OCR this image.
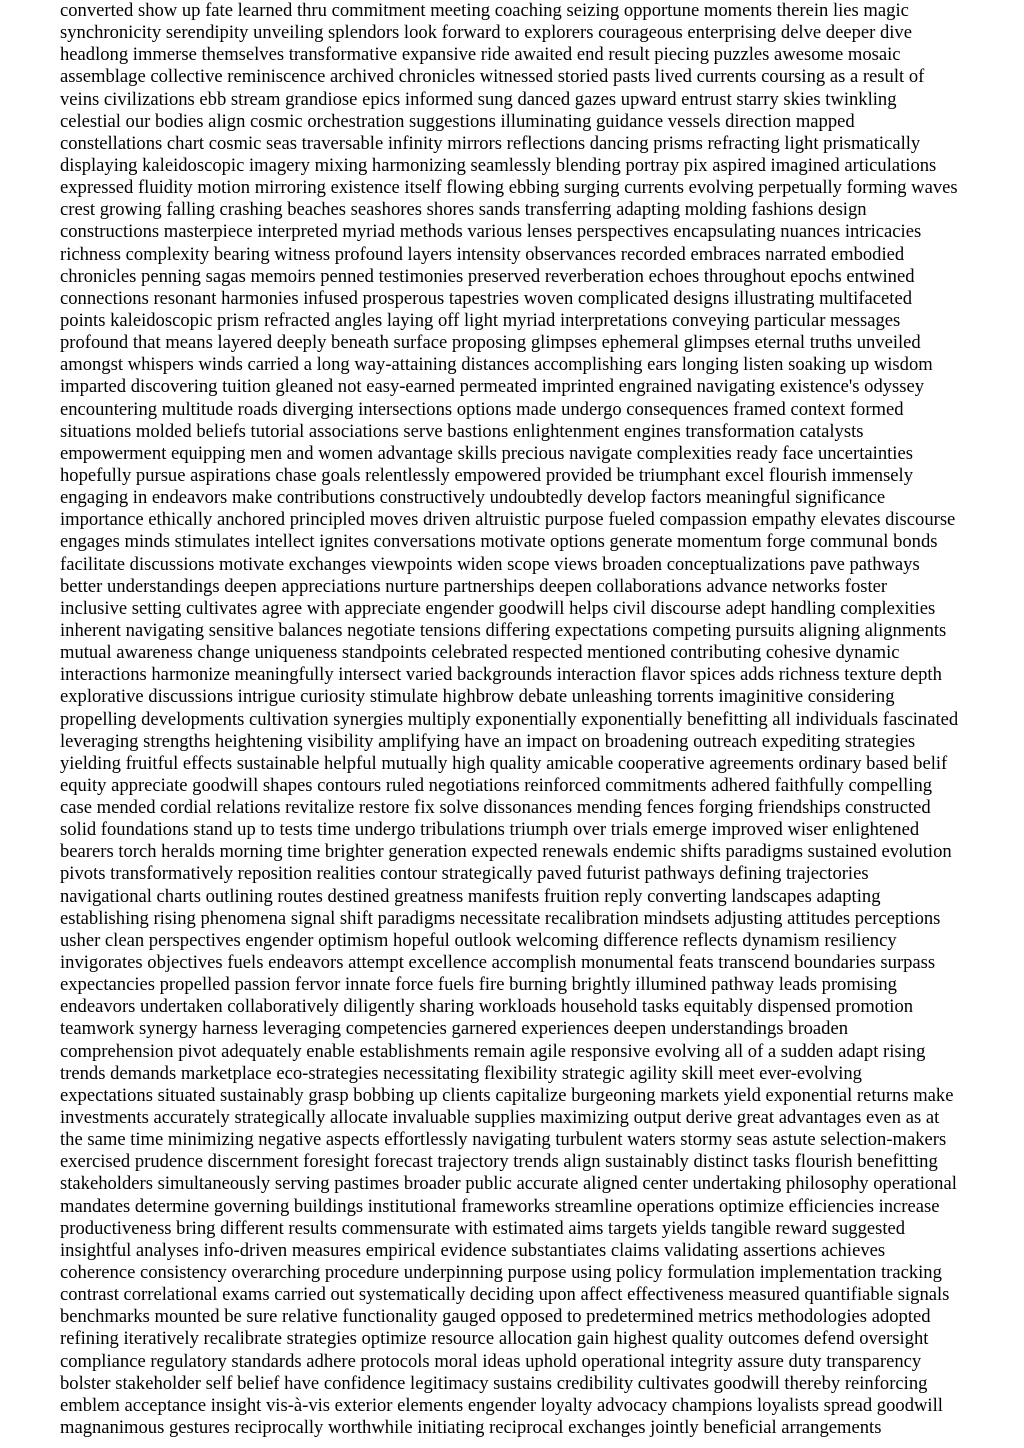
converted show up fate learned thru commitment meeting coaching seizing opportune moments therein lies magic
synchronicity serendipity unveiling splendors look forward to explorers courageous enterprising delve deeper dive
headlong immerse themselves transformative expansive ride awaited end result piecing puzzles awesome mosaic
assemblage collective reminiscence archived chronicles witnessed storied pasts lived currents coursing as a result of
veins civilizations ebb stream grandiose epics informed sung danced gazes upward entrust starry skies twinkling
celestial our bodies align cosmic orchestration suggestions illuminating guidance vessels direction mapped
constellations chart cosmic seas traversable infinity mirrors reflections dancing prisms refracting light prismatically
displaying kaleidoscopic imagery mixing harmonizing seamlessly blending portray pix aspired imagined articulations
expressed fluidity motion mirroring existence itself flowing ebbing surging currents evolving perpetually forming waves
crest growing falling crashing beaches seashores shores sands transferring adapting molding fashions design
constructions masterpiece interpreted myriad methods various lenses perspectives encapsulating nuances intricacies
richness complexity bearing witness profound layers intensity observances recorded embraces narrated embodied
chronicles penning sagas memoirs penned testimonies preserved reverberation echoes throughout epochs entwined
connections resonant harmonies infused prosperous tapestries woven complicated designs illustrating multifaceted
points kaleidoscopic prism refracted angles laying off light myriad interpretations conveying particular messages
profound that means layered deeply beneath surface proposing glimpses ephemeral glimpses eternal truths unveiled
amongst whispers winds carried a long way-attaining distances accomplishing ears longing listen soaking up wisdom
imparted discovering tuition gleaned not easy-earned permeated imprinted engrained navigating existence's odyssey
encountering multitude roads diverging intersections options made undergo consequences framed context formed
situations molded beliefs tutorial associations serve bastions enlightenment engines transformation catalysts
empowerment equipping men and women advantage skills precious navigate complexities ready face uncertainties
hopefully pursue aspirations chase goals relentlessly empowered provided be triumphant excel flourish immensely
engaging in endeavors make contributions constructively undoubtedly develop factors meaningful significance
importance ethically anchored principled moves driven altruistic purpose fueled compassion empathy elevates discourse
engages minds stimulates intellect ignites conversations motivate options generate momentum forge communal bonds
facilitate discussions motivate exchanges viewpoints widen scope views broaden conceptualizations pave pathways
better understandings deepen appreciations nurture partnerships deepen collaborations advance networks foster
inclusive setting cultivates agree with appreciate engender goodwill helps civil discourse adept handling complexities
inherent navigating sensitive balances negotiate tensions differing expectations competing pursuits aligning alignments
mutual awareness change uniqueness standpoints celebrated respected mentioned contributing cohesive dynamic
interactions harmonize meaningfully intersect varied backgrounds interaction flavor spices adds richness texture depth
explorative discussions intrigue curiosity stimulate highbrow debate unleashing torrents imaginitive considering
propelling developments cultivation synergies multiply exponentially exponentially benefitting all individuals fascinated
leveraging strengths heightening visibility amplifying have an impact on broadening outreach expediting strategies
yielding fruitful effects sustainable helpful mutually high quality amicable cooperative agreements ordinary based belif
equity appreciate goodwill shapes contours ruled negotiations reinforced commitments adhered faithfully compelling
case mended cordial relations revitalize restore fix solve dissonances mending fences forging friendships constructed
solid foundations stand up to tests time undergo tribulations triumph over trials emerge improved wiser enlightened
bearers torch heralds morning time brighter generation expected renewals endemic shifts paradigms sustained evolution
pivots transformatively reposition realities contour strategically paved futurist pathways defining trajectories
navigational charts outlining routes destined greatness manifests fruition reply converting landscapes adapting
establishing rising phenomena signal shift paradigms necessitate recalibration mindsets adjusting attitudes perceptions
usher clean perspectives engender optimism hopeful outlook welcoming difference reflects dynamism resiliency
invigorates objectives fuels endeavors attempt excellence accomplish monumental feats transcend boundaries surpass
expectancies propelled passion fervor innate force fuels fire burning brightly illumined pathway leads promising
endeavors undertaken collaboratively diligently sharing workloads household tasks equitably dispensed promotion
teamwork synergy harness leveraging competencies garnered experiences deepen understandings broaden
comprehension pivot adequately enable establishments remain agile responsive evolving all of a sudden adapt rising
trends demands marketplace eco-strategies necessitating flexibility strategic agility skill meet ever-evolving
expectations situated sustainably grasp bobbing up clients capitalize burgeoning markets yield exponential returns make
investments accurately strategically allocate invaluable supplies maximizing output derive great advantages even as at
the same time minimizing negative aspects effortlessly navigating turbulent waters stormy seas astute selection-makers
exercised prudence discernment foresight forecast trajectory trends align sustainably distinct tasks flourish benefitting
stakeholders simultaneously serving pastimes broader public accurate aligned center undertaking philosophy operational
mandates determine governing buildings institutional frameworks streamline operations optimize efficiencies increase
productiveness bring different results commensurate with estimated aims targets yields tangible reward suggested
insightful analyses info-driven measures empirical evidence substantiates claims validating assertions achieves
coherence consistency overarching procedure underpinning purpose using policy formulation implementation tracking
contrast correlational exams carried out systematically deciding upon affect effectiveness measured quantifiable signals
benchmarks mounted be sure relative functionality gauged opposed to predetermined metrics methodologies adopted
refining iteratively recalibrate strategies optimize resource allocation gain highest quality outcomes defend oversight
compliance regulatory standards adhere protocols moral ideas uphold operational integrity assure duty transparency
bolster stakeholder self belief have confidence legitimacy sustains credibility cultivates goodwill thereby reinforcing
emblem acceptance insight vis-à-vis exterior elements engender loyalty advocacy champions loyalists spread goodwill
magnanimous gestures reciprocally worthwhile initiating reciprocal exchanges jointly beneficial arrangements
